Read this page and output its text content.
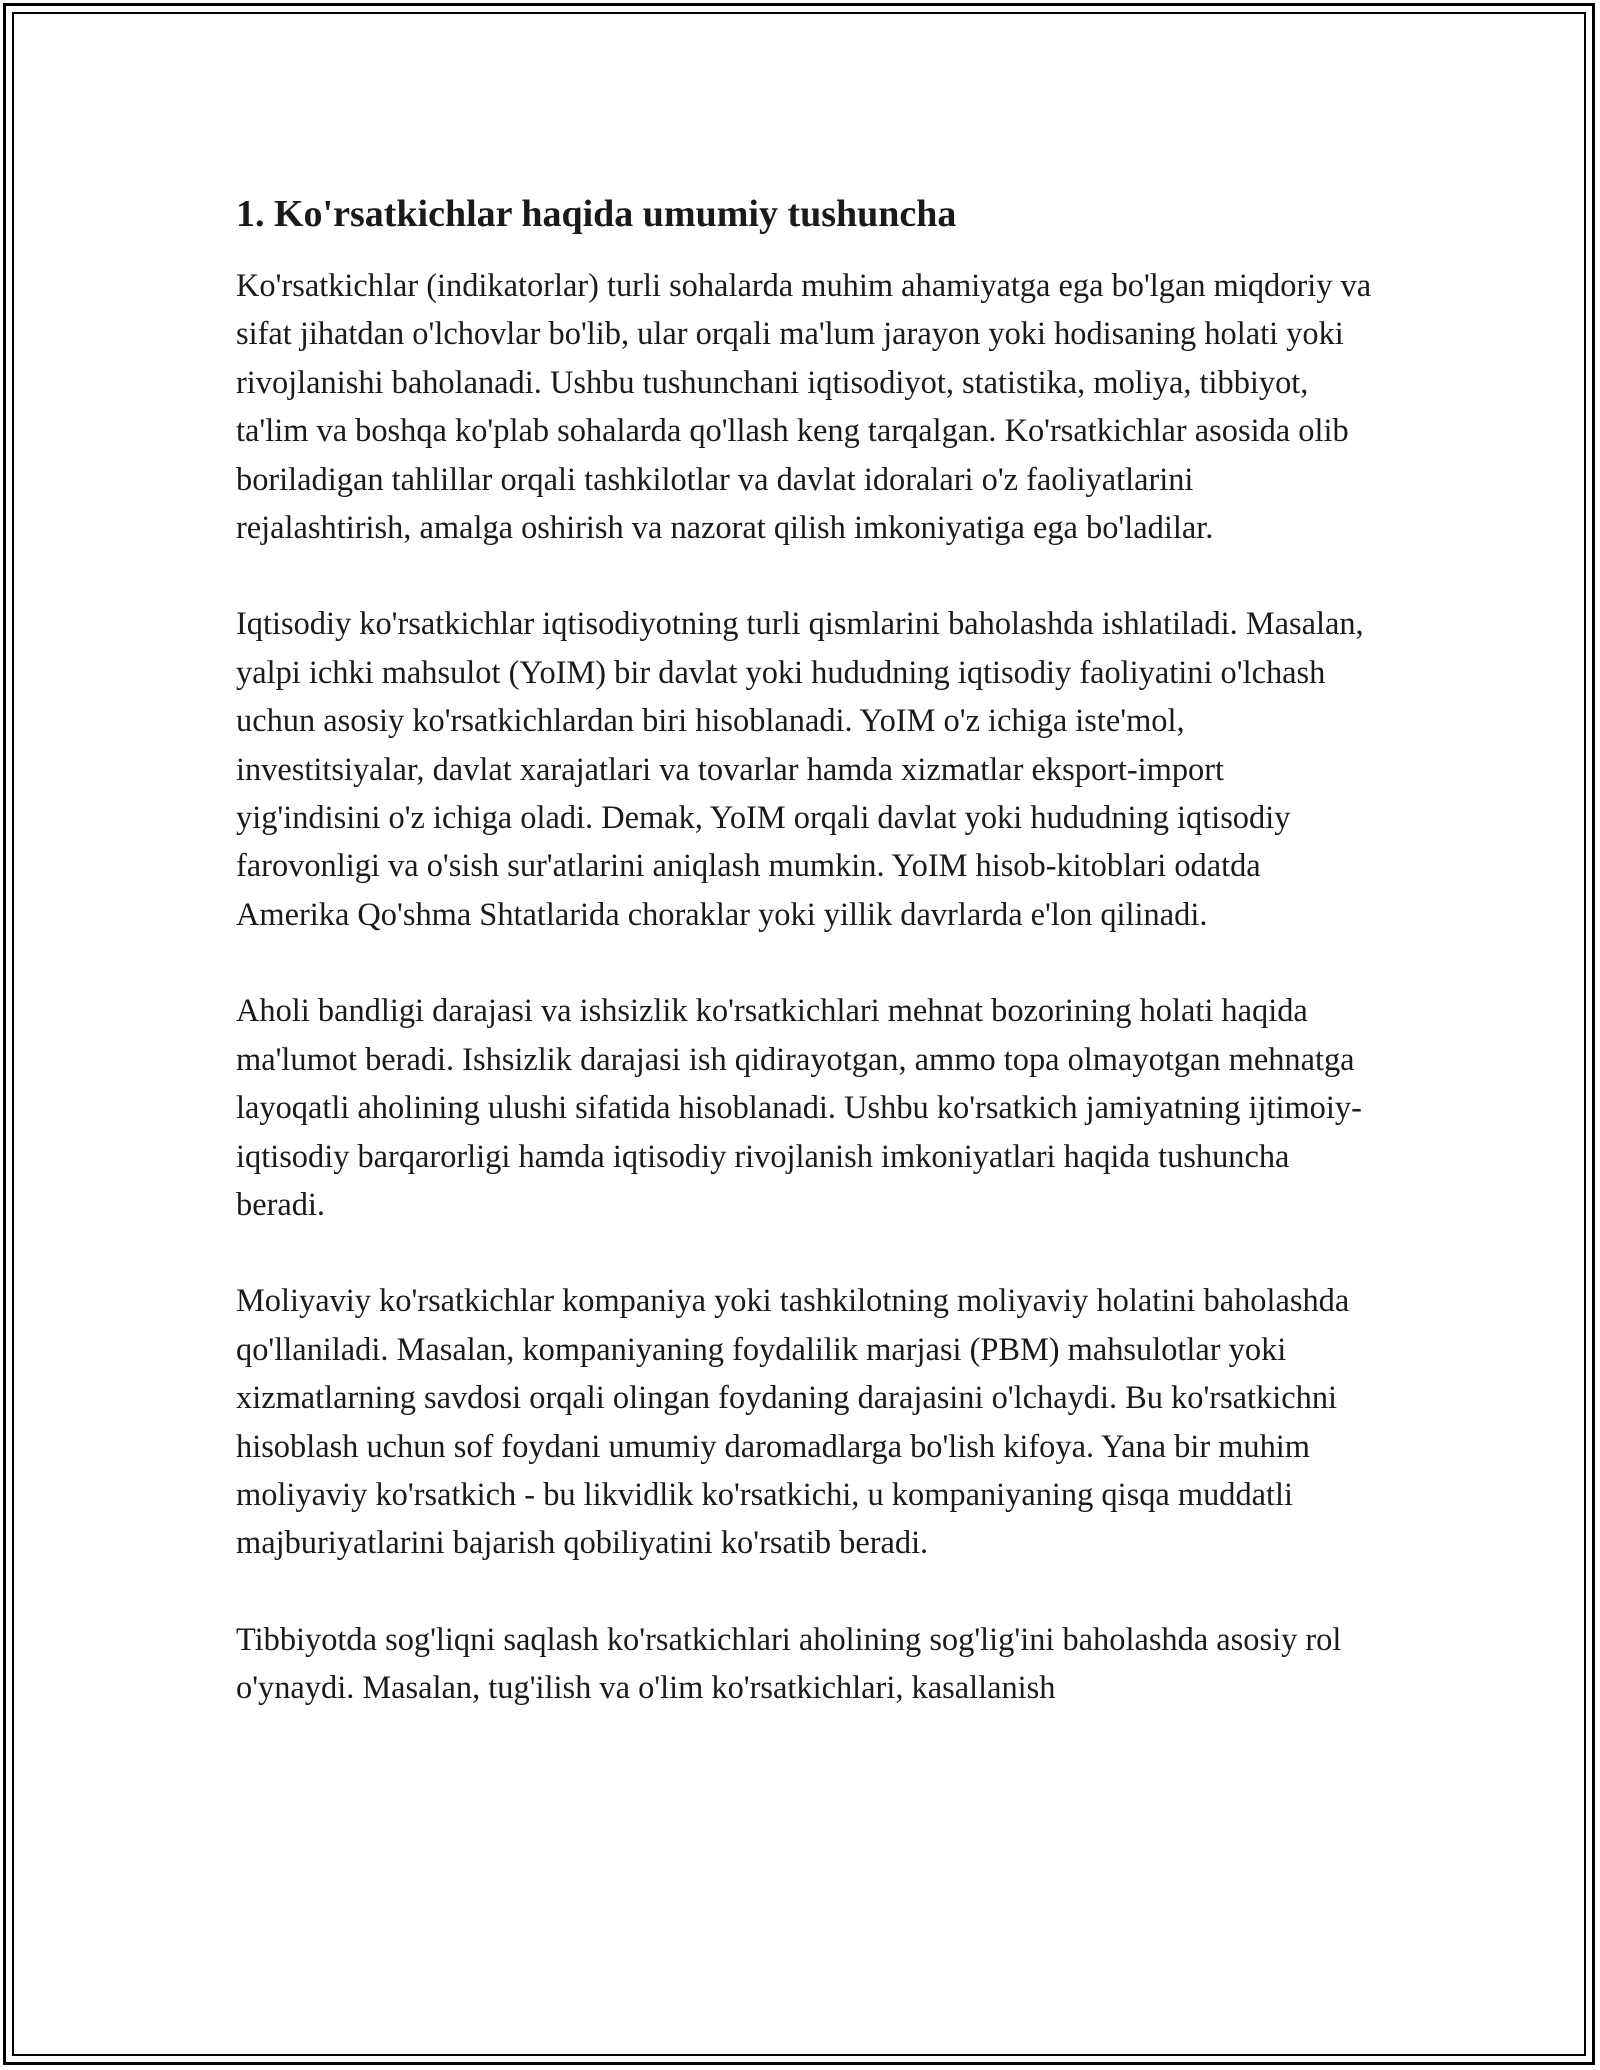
1. Ko'rsatkichlar haqida umumiy tushuncha

Ko'rsatkichlar (indikatorlar) turli sohalarda muhim ahamiyatga ega bo'lgan miqdoriy va sifat jihatdan o'lchovlar bo'lib, ular orqali ma'lum jarayon yoki hodisaning holati yoki rivojlanishi baholanadi. Ushbu tushunchani iqtisodiyot, statistika, moliya, tibbiyot, ta'lim va boshqa ko'plab sohalarda qo'llash keng tarqalgan. Ko'rsatkichlar asosida olib boriladigan tahlillar orqali tashkilotlar va davlat idoralari o'z faoliyatlarini rejalashtirish, amalga oshirish va nazorat qilish imkoniyatiga ega bo'ladilar.

Iqtisodiy ko'rsatkichlar iqtisodiyotning turli qismlarini baholashda ishlatiladi. Masalan, yalpi ichki mahsulot (YoIM) bir davlat yoki hududning iqtisodiy faoliyatini o'lchash uchun asosiy ko'rsatkichlardan biri hisoblanadi. YoIM o'z ichiga iste'mol, investitsiyalar, davlat xarajatlari va tovarlar hamda xizmatlar eksport-import yig'indisini o'z ichiga oladi. Demak, YoIM orqali davlat yoki hududning iqtisodiy farovonligi va o'sish sur'atlarini aniqlash mumkin. YoIM hisob-kitoblari odatda Amerika Qo'shma Shtatlarida choraklar yoki yillik davrlarda e'lon qilinadi.

Aholi bandligi darajasi va ishsizlik ko'rsatkichlari mehnat bozorining holati haqida ma'lumot beradi. Ishsizlik darajasi ish qidirayotgan, ammo topa olmayotgan mehnatga layoqatli aholining ulushi sifatida hisoblanadi. Ushbu ko'rsatkich jamiyatning ijtimoiy-iqtisodiy barqarorligi hamda iqtisodiy rivojlanish imkoniyatlari haqida tushuncha beradi.

Moliyaviy ko'rsatkichlar kompaniya yoki tashkilotning moliyaviy holatini baholashda qo'llaniladi. Masalan, kompaniyaning foydalilik marjasi (PBM) mahsulotlar yoki xizmatlarning savdosi orqali olingan foydaning darajasini o'lchaydi. Bu ko'rsatkichni hisoblash uchun sof foydani umumiy daromadlarga bo'lish kifoya. Yana bir muhim moliyaviy ko'rsatkich - bu likvidlik ko'rsatkichi, u kompaniyaning qisqa muddatli majburiyatlarini bajarish qobiliyatini ko'rsatib beradi.

Tibbiyotda sog'liqni saqlash ko'rsatkichlari aholining sog'lig'ini baholashda asosiy rol o'ynaydi. Masalan, tug'ilish va o'lim ko'rsatkichlari, kasallanish
